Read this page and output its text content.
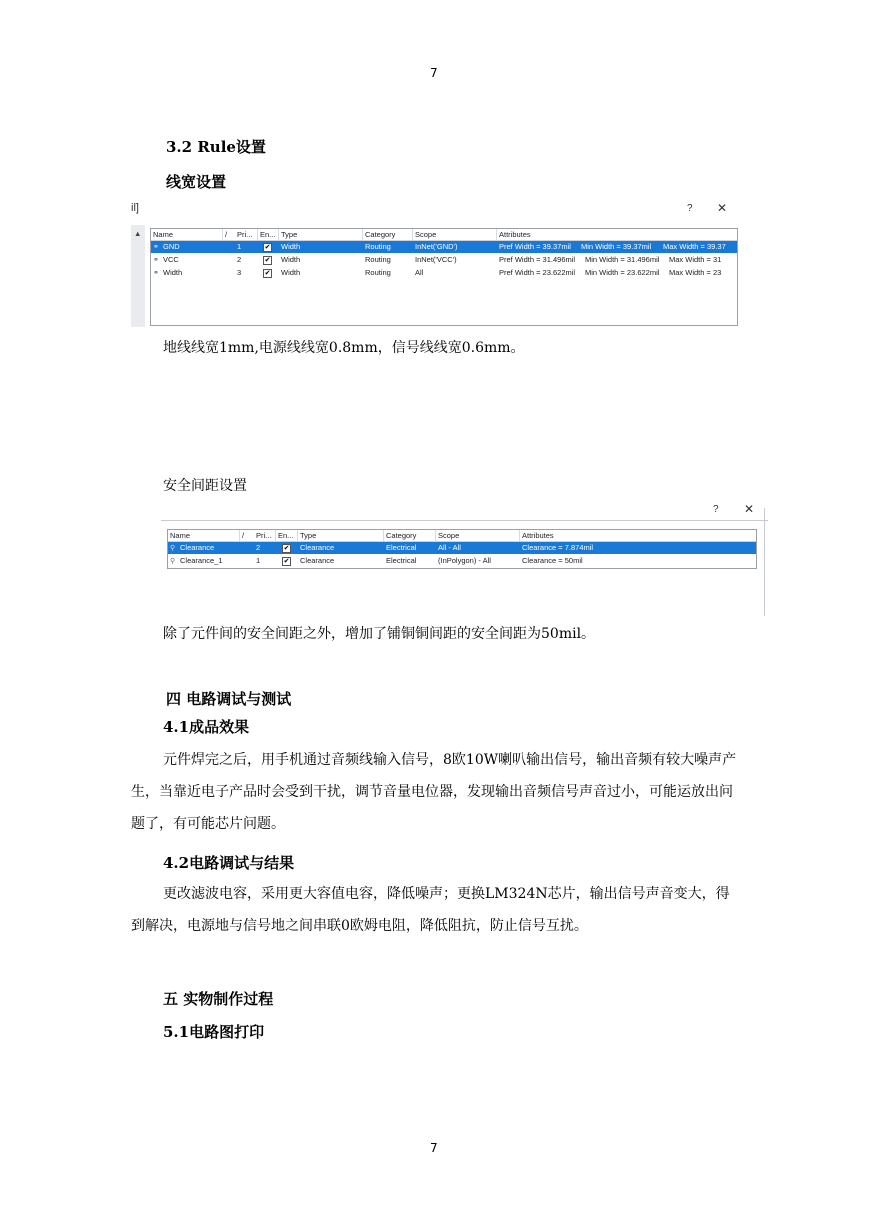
7
7
3.2 Rule设置
线宽设置
il]	? ✕
▲ Name	/	Pri...	En... Type	Category	Scope	Attributes
⚭ GND	1	✔ Width	Routing	InNet('GND')	Pref Width = 39.37mil Min Width = 39.37mil Max Width = 39.37
⚭ VCC	2	✔ Width	Routing	InNet('VCC')	Pref Width = 31.496mil Min Width = 31.496mil Max Width = 31
⚭ Width	3	✔ Width	Routing	All	Pref Width = 23.622mil Min Width = 23.622mil Max Width = 23
地线线宽1mm,电源线线宽0.8mm，信号线线宽0.6mm。
安全间距设置
? ✕
Name	/	Pri... En... Type	Category	Scope	Attributes
⚲ Clearance	2	✔ Clearance	Electrical	All - All	Clearance = 7.874mil
⚲ Clearance_1	1	✔ Clearance	Electrical	(InPolygon) - All	Clearance = 50mil
除了元件间的安全间距之外，增加了铺铜铜间距的安全间距为50mil。
四 电路调试与测试
4.1成品效果
元件焊完之后，用手机通过音频线输入信号，8欧10W喇叭输出信号，输出音频有较大噪声产生，当靠近电子产品时会受到干扰，调节音量电位器，发现输出音频信号声音过小，可能运放出问题了，有可能芯片问题。
4.2电路调试与结果
更改滤波电容，采用更大容值电容，降低噪声；更换LM324N芯片，输出信号声音变大，得到解决，电源地与信号地之间串联0欧姆电阻，降低阻抗，防止信号互扰。
五 实物制作过程
5.1电路图打印
